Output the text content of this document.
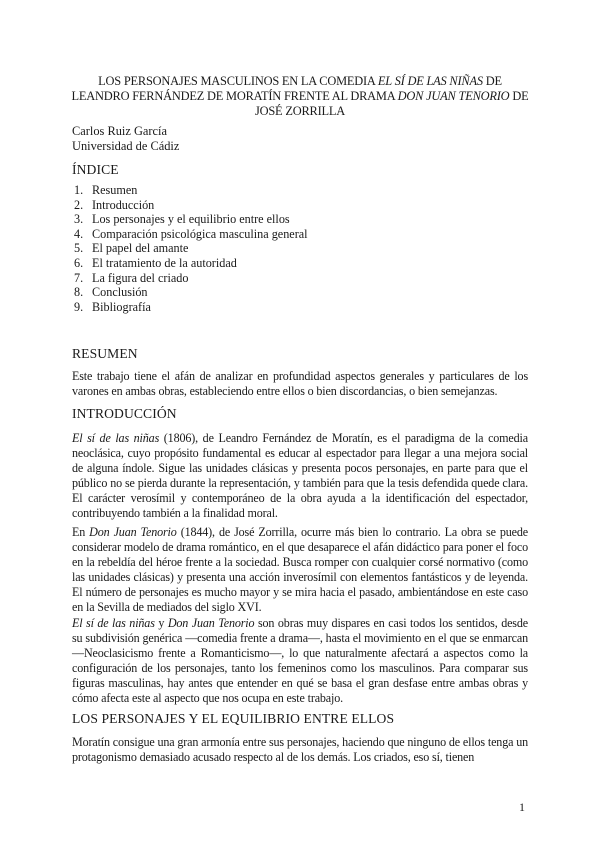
LOS PERSONAJES MASCULINOS EN LA COMEDIA EL SÍ DE LAS NIÑAS DE LEANDRO FERNÁNDEZ DE MORATÍN FRENTE AL DRAMA DON JUAN TENORIO DE JOSÉ ZORRILLA
Carlos Ruiz García
Universidad de Cádiz
ÍNDICE
1. Resumen
2. Introducción
3. Los personajes y el equilibrio entre ellos
4. Comparación psicológica masculina general
5. El papel del amante
6. El tratamiento de la autoridad
7. La figura del criado
8. Conclusión
9. Bibliografía
RESUMEN
Este trabajo tiene el afán de analizar en profundidad aspectos generales y particulares de los varones en ambas obras, estableciendo entre ellos o bien discordancias, o bien semejanzas.
INTRODUCCIÓN
El sí de las niñas (1806), de Leandro Fernández de Moratín, es el paradigma de la comedia neoclásica, cuyo propósito fundamental es educar al espectador para llegar a una mejora social de alguna índole. Sigue las unidades clásicas y presenta pocos personajes, en parte para que el público no se pierda durante la representación, y también para que la tesis defendida quede clara. El carácter verosímil y contemporáneo de la obra ayuda a la identificación del espectador, contribuyendo también a la finalidad moral.
En Don Juan Tenorio (1844), de José Zorrilla, ocurre más bien lo contrario. La obra se puede considerar modelo de drama romántico, en el que desaparece el afán didáctico para poner el foco en la rebeldía del héroe frente a la sociedad. Busca romper con cualquier corsé normativo (como las unidades clásicas) y presenta una acción inverosímil con elementos fantásticos y de leyenda. El número de personajes es mucho mayor y se mira hacia el pasado, ambientándose en este caso en la Sevilla de mediados del siglo XVI.
El sí de las niñas y Don Juan Tenorio son obras muy dispares en casi todos los sentidos, desde su subdivisión genérica —comedia frente a drama—, hasta el movimiento en el que se enmarcan —Neoclasicismo frente a Romanticismo—, lo que naturalmente afectará a aspectos como la configuración de los personajes, tanto los femeninos como los masculinos. Para comparar sus figuras masculinas, hay antes que entender en qué se basa el gran desfase entre ambas obras y cómo afecta este al aspecto que nos ocupa en este trabajo.
LOS PERSONAJES Y EL EQUILIBRIO ENTRE ELLOS
Moratín consigue una gran armonía entre sus personajes, haciendo que ninguno de ellos tenga un protagonismo demasiado acusado respecto al de los demás. Los criados, eso sí, tienen
1
